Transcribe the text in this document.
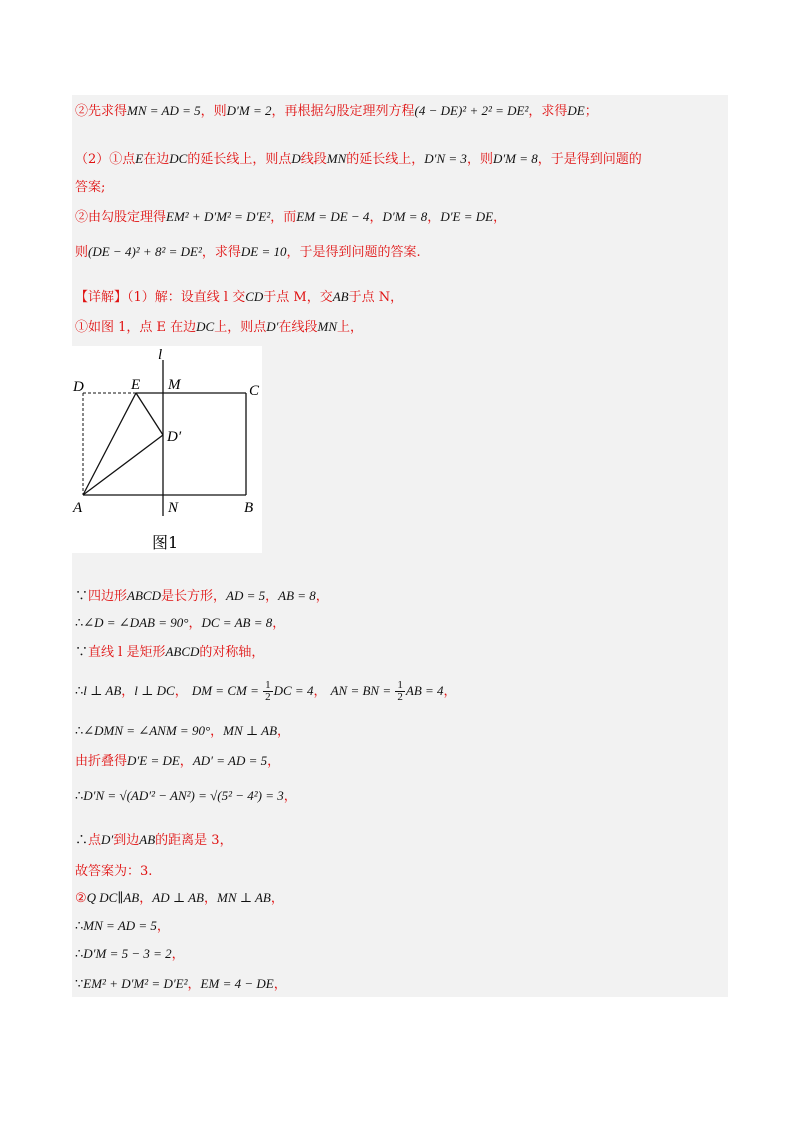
②先求得MN = AD = 5，则D′M = 2，再根据勾股定理列方程(4 − DE)² + 2² = DE²，求得DE；
（2）①点E在边DC的延长线上，则点D线段MN的延长线上，D′N = 3，则D′M = 8，于是得到问题的
答案;
②由勾股定理得EM² + D′M² = D′E²，而EM = DE − 4，D′M = 8，D′E = DE，
则(DE − 4)² + 8² = DE²，求得DE = 10，于是得到问题的答案.
【详解】（1）解：设直线 l 交CD于点 M，交AB于点 N，
①如图 1，点 E 在边DC上，则点D′在线段MN上，
l
D	E M	C
D′
A	N	B
图1
∵四边形ABCD是长方形，AD = 5，AB = 8，
∴∠D = ∠DAB = 90°，DC = AB = 8，
∵直线 l 是矩形ABCD的对称轴，
∴l ⊥ AB，l ⊥ DC， DM = CM = $\frac{1}{2}$ DC = 4， AN = BN = $\frac{1}{2}$ AB = 4，
∴∠DMN = ∠ANM = 90°，MN ⊥ AB，
由折叠得D′E = DE，AD′ = AD = 5，
∴D′N = √(AD′² − AN²) = √(5² − 4²) = 3，
∴点D′到边AB的距离是 3，
故答案为：3.
②Q DC∥AB，AD ⊥ AB，MN ⊥ AB，
∴MN = AD = 5，
∴D′M = 5 − 3 = 2，
∵EM² + D′M² = D′E²，EM = 4 − DE，
